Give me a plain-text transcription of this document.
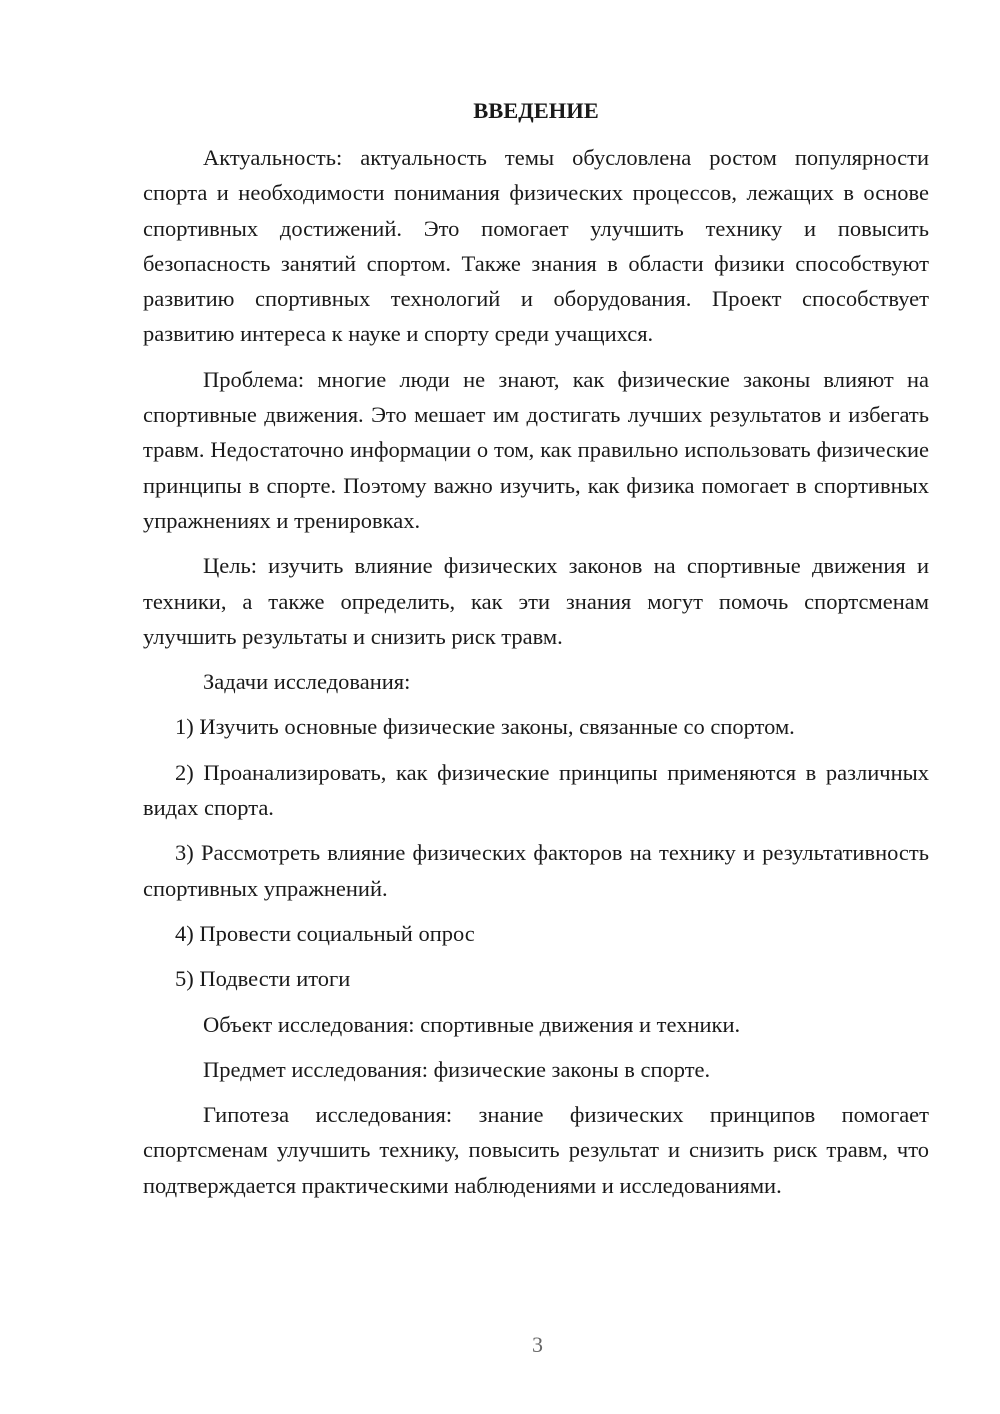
ВВЕДЕНИЕ

Актуальность: актуальность темы обусловлена ростом популярности спорта и необходимости понимания физических процессов, лежащих в основе спортивных достижений. Это помогает улучшить технику и повысить безопасность занятий спортом. Также знания в области физики способствуют развитию спортивных технологий и оборудования. Проект способствует развитию интереса к науке и спорту среди учащихся.

Проблема: многие люди не знают, как физические законы влияют на спортивные движения. Это мешает им достигать лучших результатов и избегать травм. Недостаточно информации о том, как правильно использовать физические принципы в спорте. Поэтому важно изучить, как физика помогает в спортивных упражнениях и тренировках.

Цель: изучить влияние физических законов на спортивные движения и техники, а также определить, как эти знания могут помочь спортсменам улучшить результаты и снизить риск травм.

Задачи исследования:

1) Изучить основные физические законы, связанные со спортом.

2) Проанализировать, как физические принципы применяются в различных видах спорта.

3) Рассмотреть влияние физических факторов на технику и результативность спортивных упражнений.

4) Провести социальный опрос

5) Подвести итоги

Объект исследования: спортивные движения и техники.

Предмет исследования: физические законы в спорте.

Гипотеза исследования: знание физических принципов помогает спортсменам улучшить технику, повысить результат и снизить риск травм, что подтверждается практическими наблюдениями и исследованиями.

3
